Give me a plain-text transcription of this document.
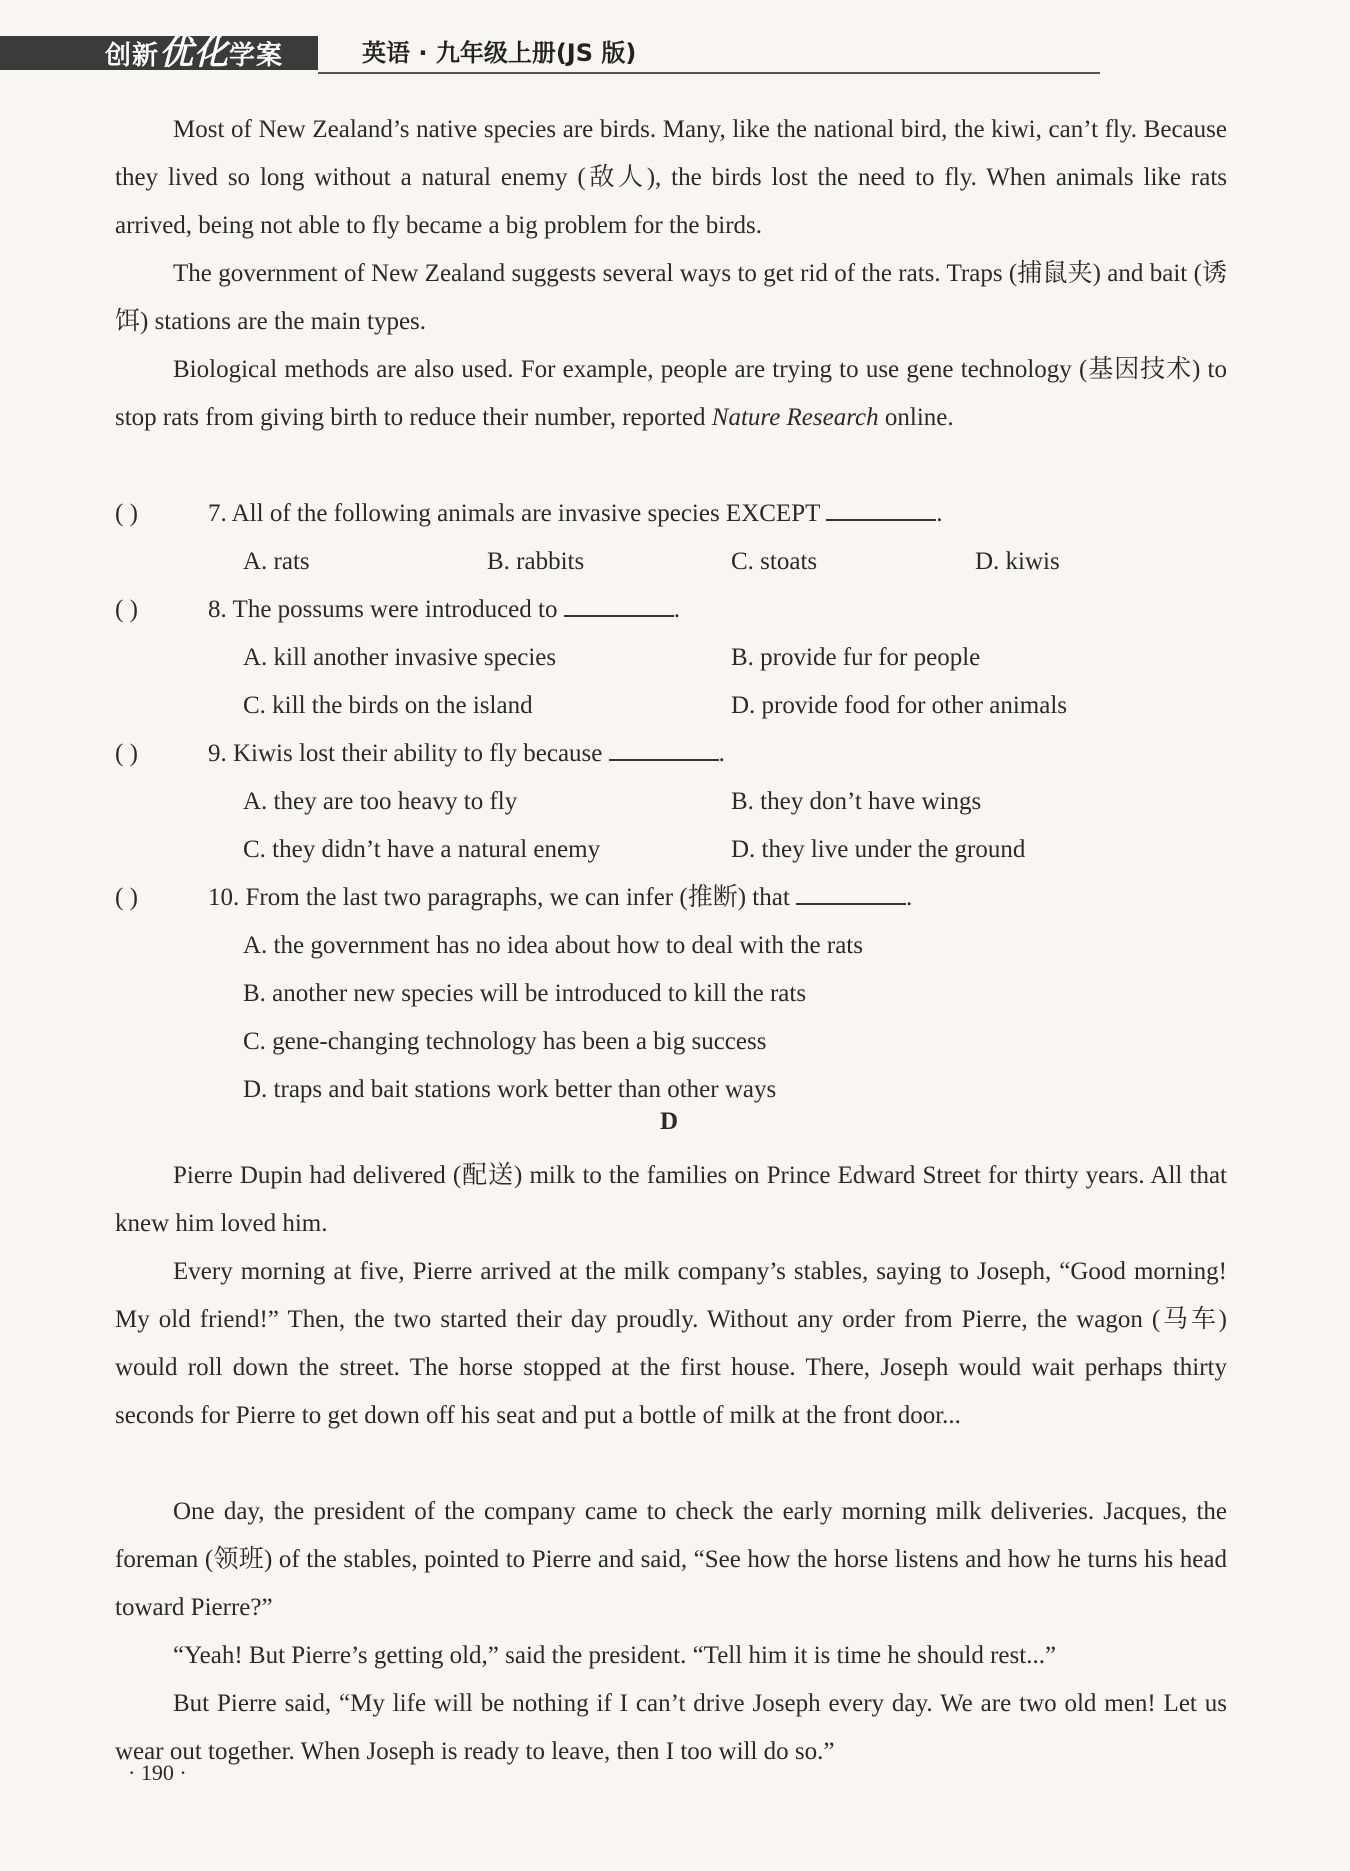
创新优化学案	英语 · 九年级上册(JS 版)
Most of New Zealand’s native species are birds. Many, like the national bird, the kiwi, can’t fly. Because they lived so long without a natural enemy (敌人), the birds lost the need to fly. When animals like rats arrived, being not able to fly became a big problem for the birds.
The government of New Zealand suggests several ways to get rid of the rats. Traps (捕鼠夹) and bait (诱饵) stations are the main types.
Biological methods are also used. For example, people are trying to use gene technology (基因技术) to stop rats from giving birth to reduce their number, reported Nature Research online.
( )	7. All of the following animals are invasive species EXCEPT	.
A. rats	B. rabbits	C. stoats	D. kiwis
( )	8. The possums were introduced to	.
A. kill another invasive species	B. provide fur for people
C. kill the birds on the island	D. provide food for other animals
( )	9. Kiwis lost their ability to fly because	.
A. they are too heavy to fly	B. they don’t have wings
C. they didn’t have a natural enemy	D. they live under the ground
( )	10. From the last two paragraphs, we can infer (推断) that	.
A. the government has no idea about how to deal with the rats
B. another new species will be introduced to kill the rats
C. gene-changing technology has been a big success
D. traps and bait stations work better than other ways
D
Pierre Dupin had delivered (配送) milk to the families on Prince Edward Street for thirty years. All that knew him loved him.
Every morning at five, Pierre arrived at the milk company’s stables, saying to Joseph, “Good morning! My old friend!” Then, the two started their day proudly. Without any order from Pierre, the wagon (马车) would roll down the street. The horse stopped at the first house. There, Joseph would wait perhaps thirty seconds for Pierre to get down off his seat and put a bottle of milk at the front door...
One day, the president of the company came to check the early morning milk deliveries. Jacques, the foreman (领班) of the stables, pointed to Pierre and said, “See how the horse listens and how he turns his head toward Pierre?”
“Yeah! But Pierre’s getting old,” said the president. “Tell him it is time he should rest...”
But Pierre said, “My life will be nothing if I can’t drive Joseph every day. We are two old men! Let us wear out together. When Joseph is ready to leave, then I too will do so.”
· 190 ·
